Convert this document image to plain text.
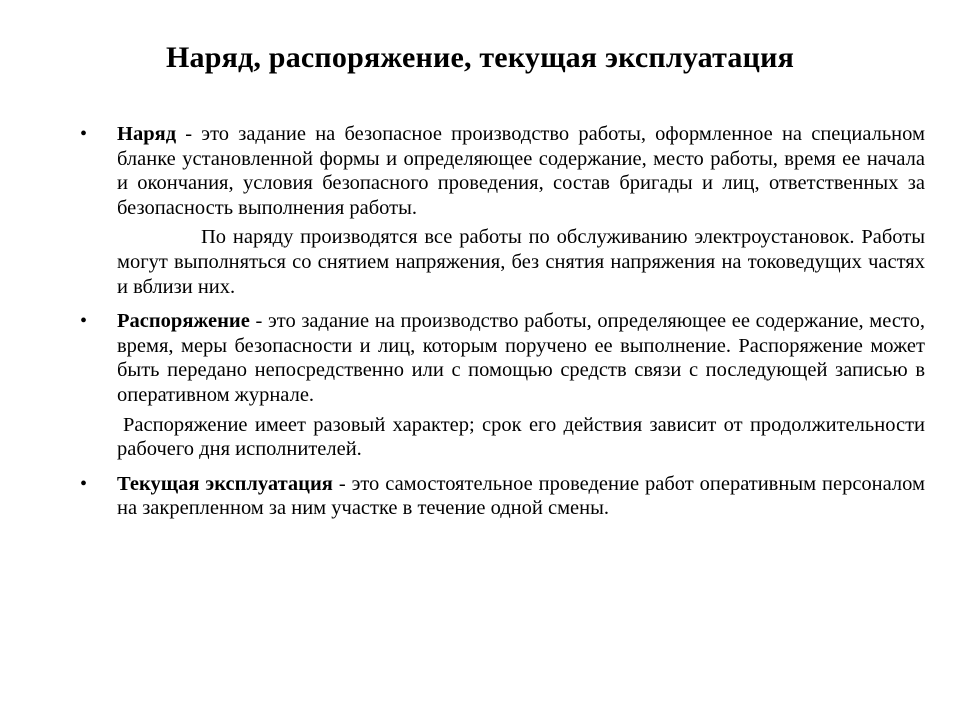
Наряд, распоряжение, текущая эксплуатация
• Наряд - это задание на безопасное производство работы, оформленное на специальном бланке установленной формы и определяющее содержание, место работы, время ее начала и окончания, условия безопасного проведения, состав бригады и лиц, ответственных за безопасность выполнения работы.

По наряду производятся все работы по обслуживанию электроустановок. Работы могут выполняться со снятием напряжения, без снятия напряжения на токоведущих частях и вблизи них.

• Распоряжение - это задание на производство работы, определяющее ее содержание, место, время, меры безопасности и лиц, которым поручено ее выполнение. Распоряжение может быть передано непосредственно или с помощью средств связи с последующей записью в оперативном журнале.

Распоряжение имеет разовый характер; срок его действия зависит от продолжительности рабочего дня исполнителей.

• Текущая эксплуатация - это самостоятельное проведение работ оперативным персоналом на закрепленном за ним участке в течение одной смены.
